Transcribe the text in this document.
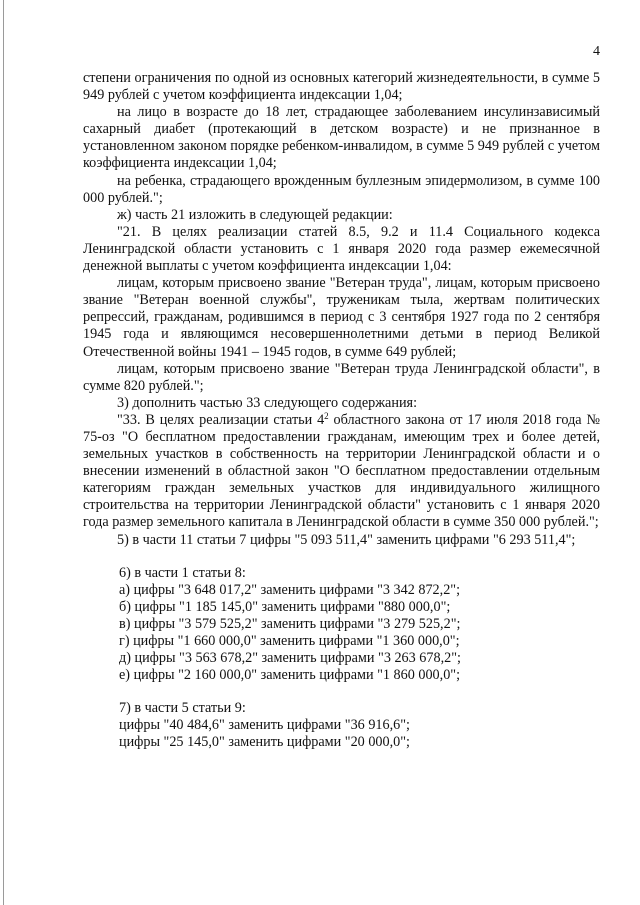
4

степени ограничения по одной из основных категорий жизнедеятельности, в сумме 5 949 рублей с учетом коэффициента индексации 1,04;

на лицо в возрасте до 18 лет, страдающее заболеванием инсулинзависимый сахарный диабет (протекающий в детском возрасте) и не признанное в установленном законом порядке ребенком-инвалидом, в сумме 5 949 рублей с учетом коэффициента индексации 1,04;

на ребенка, страдающего врожденным буллезным эпидермолизом, в сумме 100 000 рублей.";

ж) часть 21 изложить в следующей редакции:

"21. В целях реализации статей 8.5, 9.2 и 11.4 Социального кодекса Ленинградской области установить с 1 января 2020 года размер ежемесячной денежной выплаты с учетом коэффициента индексации 1,04:

лицам, которым присвоено звание "Ветеран труда", лицам, которым присвоено звание "Ветеран военной службы", труженикам тыла, жертвам политических репрессий, гражданам, родившимся в период с 3 сентября 1927 года по 2 сентября 1945 года и являющимся несовершеннолетними детьми в период Великой Отечественной войны 1941 – 1945 годов, в сумме 649 рублей;

лицам, которым присвоено звание "Ветеран труда Ленинградской области", в сумме 820 рублей.";

3) дополнить частью 33 следующего содержания:

"33. В целях реализации статьи $4^2$ областного закона от 17 июля 2018 года № 75-оз "О бесплатном предоставлении гражданам, имеющим трех и более детей, земельных участков в собственность на территории Ленинградской области и о внесении изменений в областной закон "О бесплатном предоставлении отдельным категориям граждан земельных участков для индивидуального жилищного строительства на территории Ленинградской области" установить с 1 января 2020 года размер земельного капитала в Ленинградской области в сумме 350 000 рублей.";

5) в части 11 статьи 7 цифры "5 093 511,4" заменить цифрами "6 293 511,4";

6) в части 1 статьи 8:

а) цифры "3 648 017,2" заменить цифрами "3 342 872,2";

б) цифры "1 185 145,0" заменить цифрами "880 000,0";

в) цифры "3 579 525,2" заменить цифрами "3 279 525,2";

г) цифры "1 660 000,0" заменить цифрами "1 360 000,0";

д) цифры "3 563 678,2" заменить цифрами "3 263 678,2";

е) цифры "2 160 000,0" заменить цифрами "1 860 000,0";

7) в части 5 статьи 9:

цифры "40 484,6" заменить цифрами "36 916,6";

цифры "25 145,0" заменить цифрами "20 000,0";
